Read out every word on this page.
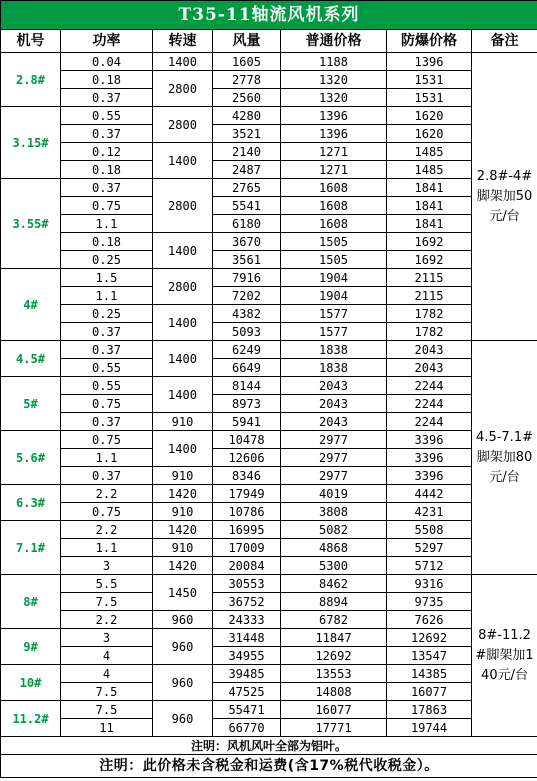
T35-11轴流风机系列						
机号	功率	转速	风量	普通价格	防爆价格	备注
2.8#	0.04	1400	1605	1188	1396	2.8#-4#脚架加50元/台
	0.18	2800	2778	1320	1531	
	0.37		2560	1320	1531	
3.15#	0.55	2800	4280	1396	1620	
	0.37		3521	1396	1620	
	0.12	1400	2140	1271	1485	
	0.18		2487	1271	1485	
3.55#	0.37	2800	2765	1608	1841	
	0.75		5541	1608	1841	
	1.1		6180	1608	1841	
	0.18	1400	3670	1505	1692	
	0.25		3561	1505	1692	
4#	1.5	2800	7916	1904	2115	
	1.1		7202	1904	2115	
	0.25	1400	4382	1577	1782	
	0.37		5093	1577	1782	
4.5#	0.37	1400	6249	1838	2043	4.5-7.1#脚架加80元/台
	0.55		6649	1838	2043	
5#	0.55	1400	8144	2043	2244	
	0.75		8973	2043	2244	
	0.37	910	5941	2043	2244	
5.6#	0.75	1400	10478	2977	3396	
	1.1		12606	2977	3396	
	0.37	910	8346	2977	3396	
6.3#	2.2	1420	17949	4019	4442	
	0.75	910	10786	3808	4231	
7.1#	2.2	1420	16995	5082	5508	
	1.1	910	17009	4868	5297	
	3	1420	20084	5300	5712	
8#	5.5	1450	30553	8462	9316	8#-11.2#脚架加140元/台
	7.5		36752	8894	9735	
	2.2	960	24333	6782	7626	
9#	3	960	31448	11847	12692	
	4		34955	12692	13547	
10#	4	960	39485	13553	14385	
	7.5		47525	14808	16077	
11.2#	7.5	960	55471	16077	17863	
	11		66770	17771	19744	
注明：风机风叶全部为铝叶。						
注明：此价格未含税金和运费(含17%税代收税金）。						
